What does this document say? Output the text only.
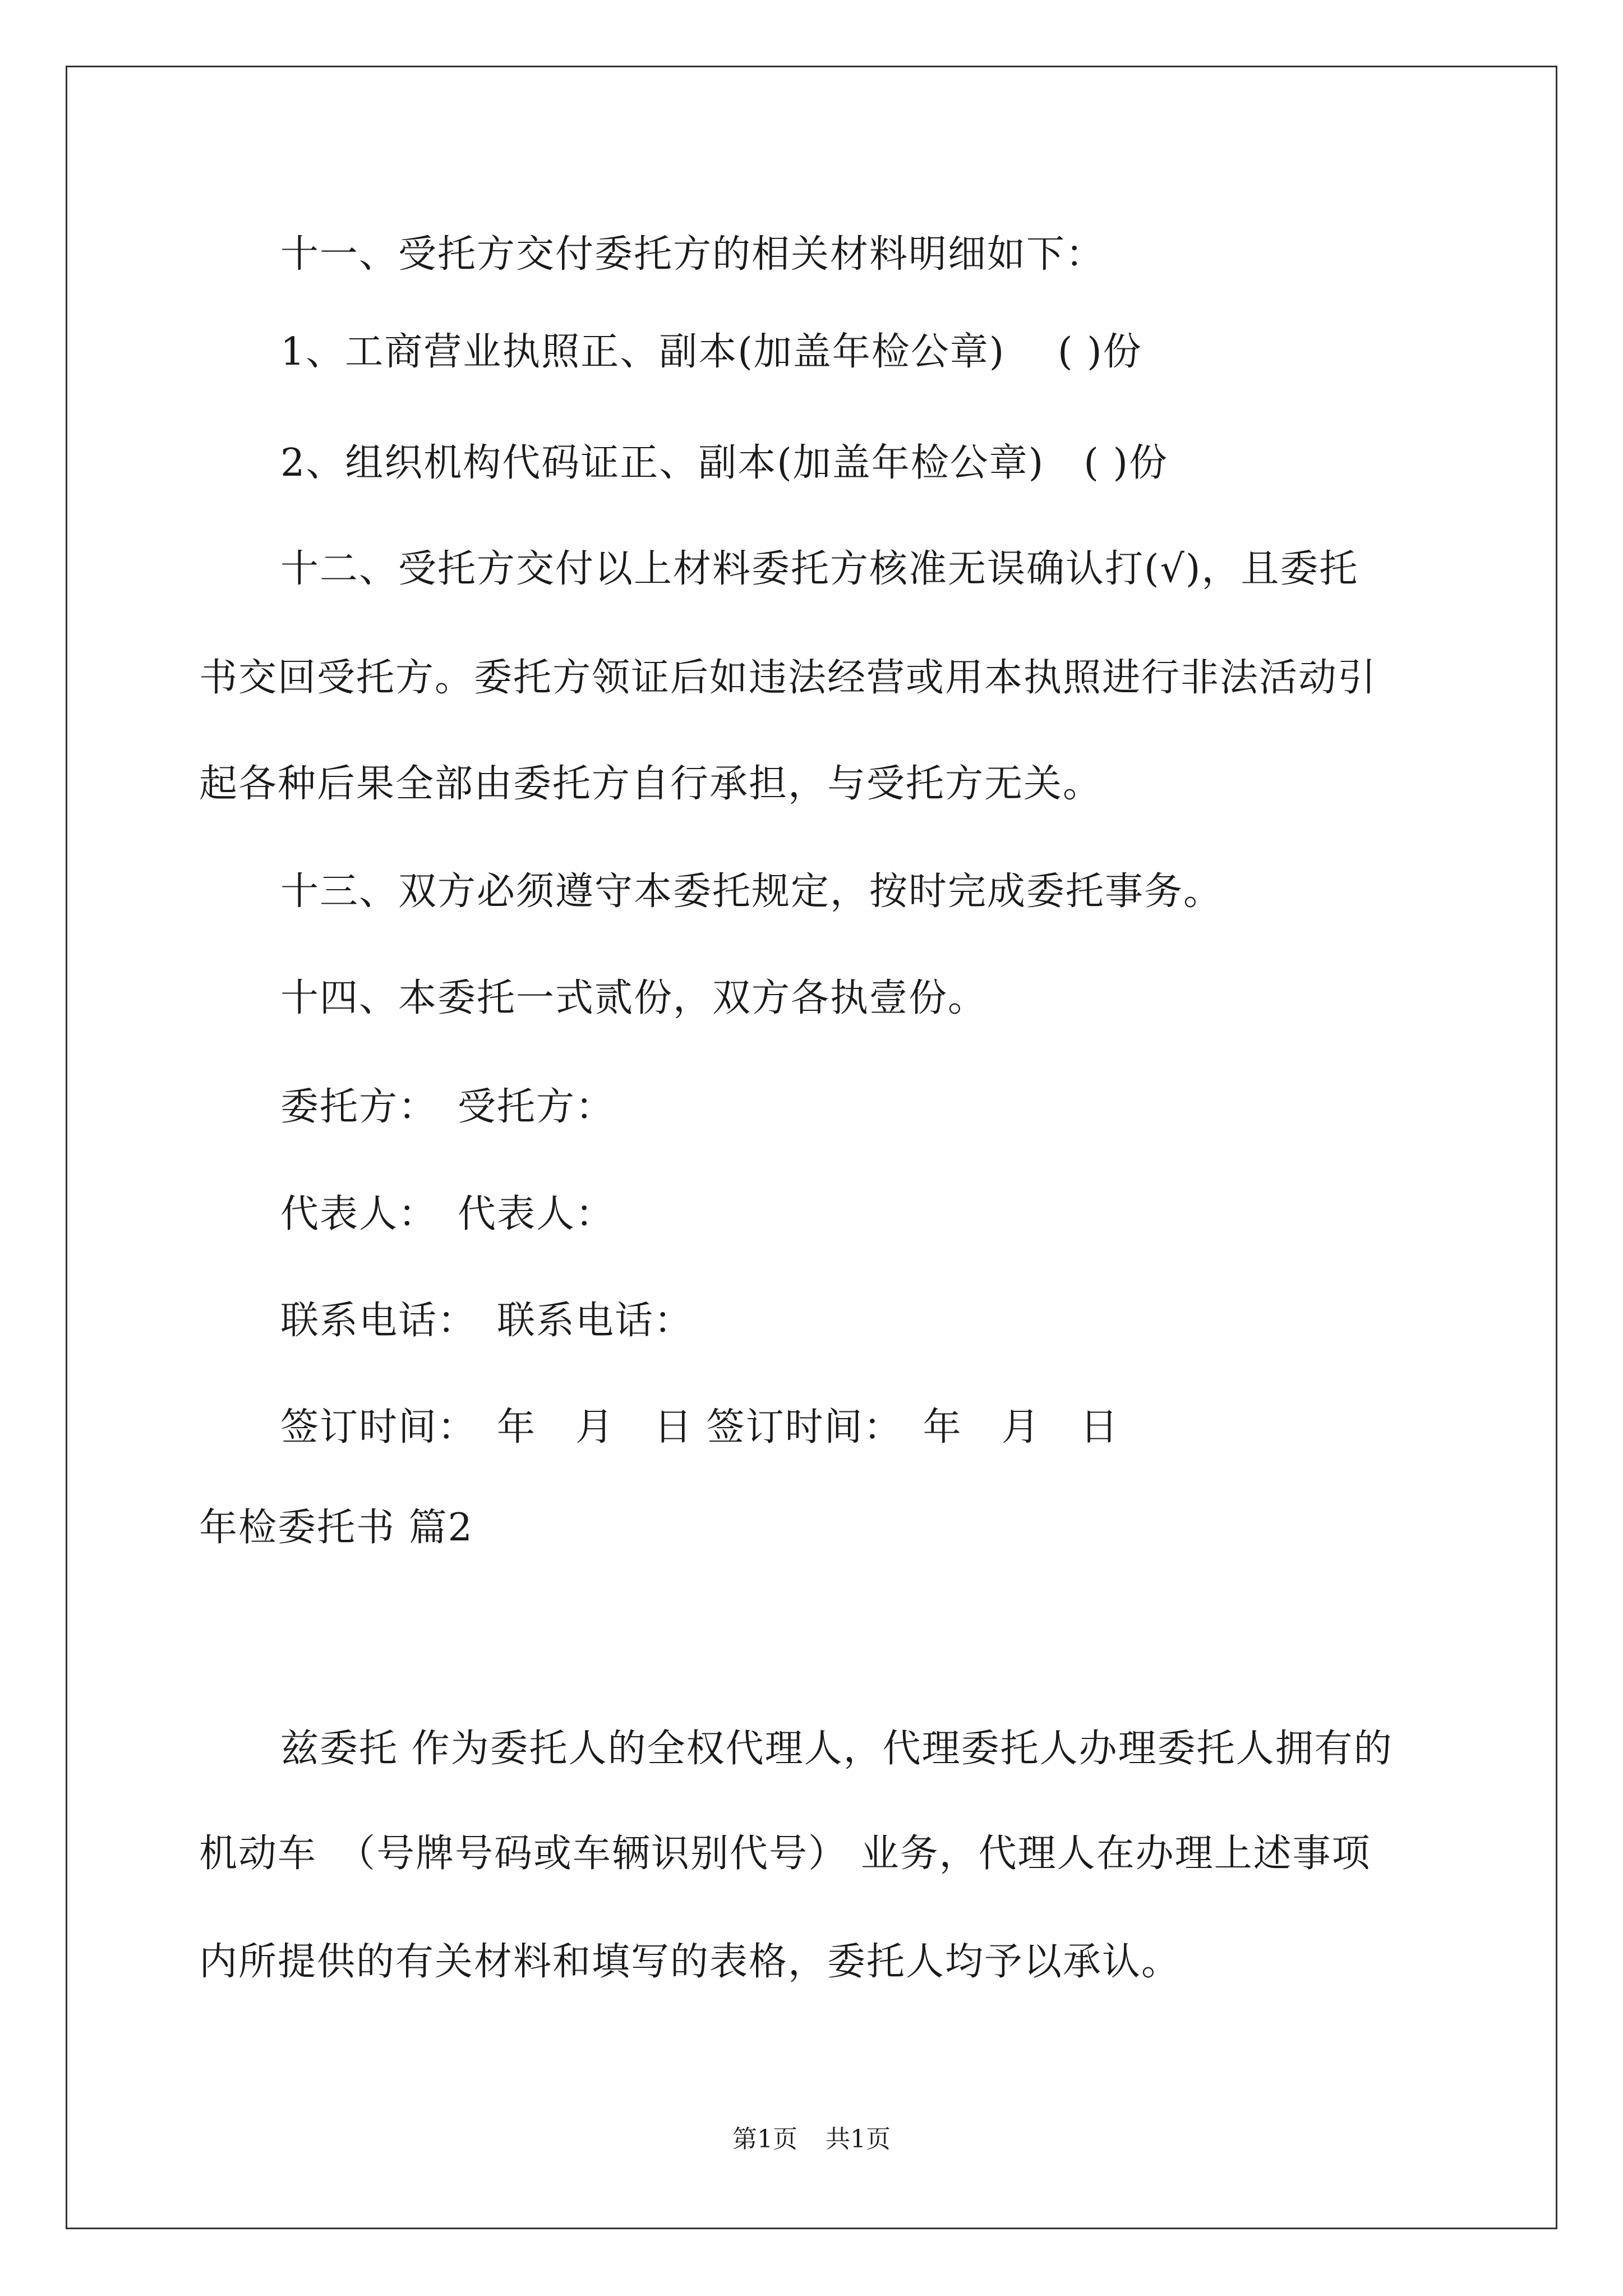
十一、受托方交付委托方的相关材料明细如下：
1、工商营业执照正、副本(加盖年检公章)　 ( )份
2、组织机构代码证正、副本(加盖年检公章)　( )份
十二、受托方交付以上材料委托方核准无误确认打(√)，且委托
书交回受托方。委托方领证后如违法经营或用本执照进行非法活动引
起各种后果全部由委托方自行承担，与受托方无关。
十三、双方必须遵守本委托规定，按时完成委托事务。
十四、本委托一式贰份，双方各执壹份。
委托方：　受托方：
代表人：　代表人：
联系电话：　联系电话：
签订时间：　年　月　日 签订时间：　年　月　日
年检委托书 篇2
兹委托 作为委托人的全权代理人，代理委托人办理委托人拥有的
机动车　（号牌号码或车辆识别代号） 业务，代理人在办理上述事项
内所提供的有关材料和填写的表格，委托人均予以承认。
第1页 共1页
